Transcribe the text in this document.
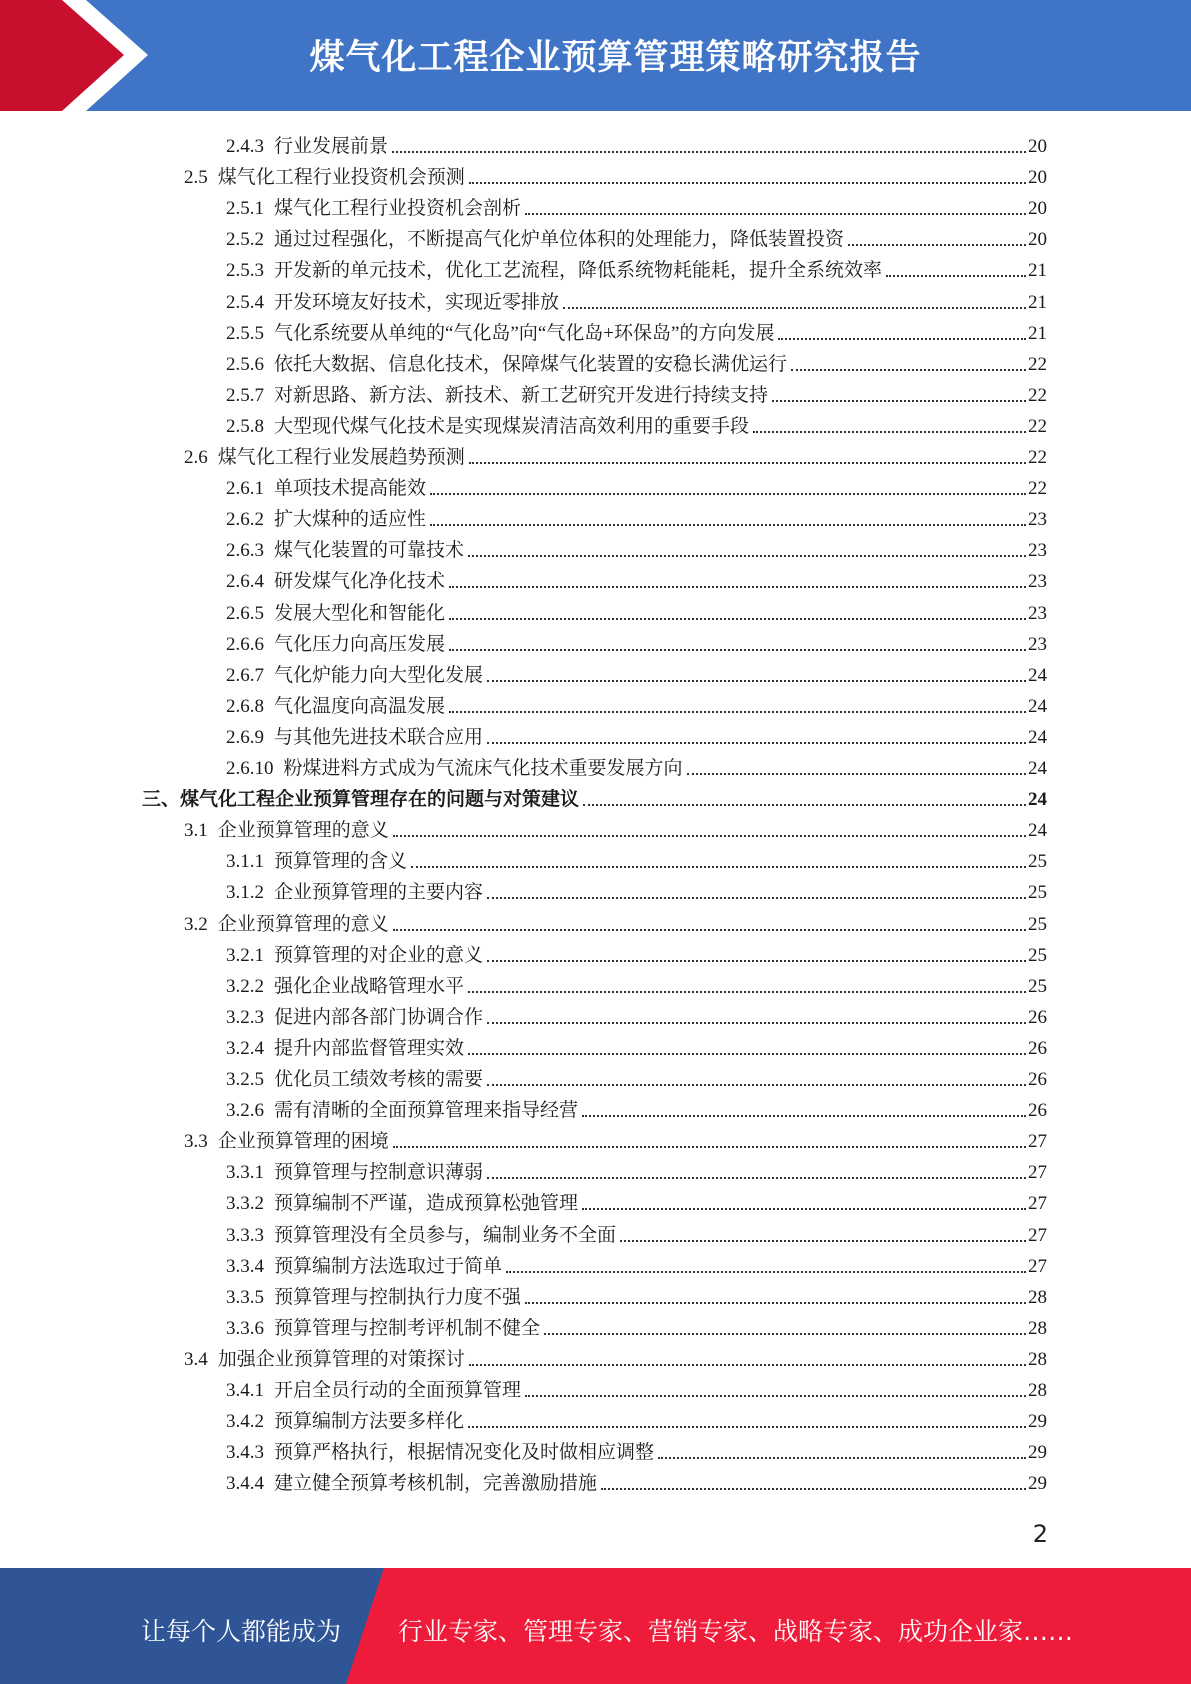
煤气化工程企业预算管理策略研究报告
2.4.3 行业发展前景	20
2.5 煤气化工程行业投资机会预测	20
2.5.1 煤气化工程行业投资机会剖析	20
2.5.2 通过过程强化，不断提高气化炉单位体积的处理能力，降低装置投资	20
2.5.3 开发新的单元技术，优化工艺流程，降低系统物耗能耗，提升全系统效率	21
2.5.4 开发环境友好技术，实现近零排放	21
2.5.5 气化系统要从单纯的“气化岛”向“气化岛+环保岛”的方向发展	21
2.5.6 依托大数据、信息化技术，保障煤气化装置的安稳长满优运行	22
2.5.7 对新思路、新方法、新技术、新工艺研究开发进行持续支持	22
2.5.8 大型现代煤气化技术是实现煤炭清洁高效利用的重要手段	22
2.6 煤气化工程行业发展趋势预测	22
2.6.1 单项技术提高能效	22
2.6.2 扩大煤种的适应性	23
2.6.3 煤气化装置的可靠技术	23
2.6.4 研发煤气化净化技术	23
2.6.5 发展大型化和智能化	23
2.6.6 气化压力向高压发展	23
2.6.7 气化炉能力向大型化发展	24
2.6.8 气化温度向高温发展	24
2.6.9 与其他先进技术联合应用	24
2.6.10 粉煤进料方式成为气流床气化技术重要发展方向	24
三、 煤气化工程企业预算管理存在的问题与对策建议	24
3.1 企业预算管理的意义	24
3.1.1 预算管理的含义	25
3.1.2 企业预算管理的主要内容	25
3.2 企业预算管理的意义	25
3.2.1 预算管理的对企业的意义	25
3.2.2 强化企业战略管理水平	25
3.2.3 促进内部各部门协调合作	26
3.2.4 提升内部监督管理实效	26
3.2.5 优化员工绩效考核的需要	26
3.2.6 需有清晰的全面预算管理来指导经营	26
3.3 企业预算管理的困境	27
3.3.1 预算管理与控制意识薄弱	27
3.3.2 预算编制不严谨，造成预算松弛管理	27
3.3.3 预算管理没有全员参与，编制业务不全面	27
3.3.4 预算编制方法选取过于简单	27
3.3.5 预算管理与控制执行力度不强	28
3.3.6 预算管理与控制考评机制不健全	28
3.4 加强企业预算管理的对策探讨	28
3.4.1 开启全员行动的全面预算管理	28
3.4.2 预算编制方法要多样化	29
3.4.3 预算严格执行，根据情况变化及时做相应调整	29
3.4.4 建立健全预算考核机制，完善激励措施	29
2
让每个人都能成为 行业专家、管理专家、营销专家、战略专家、成功企业家……
